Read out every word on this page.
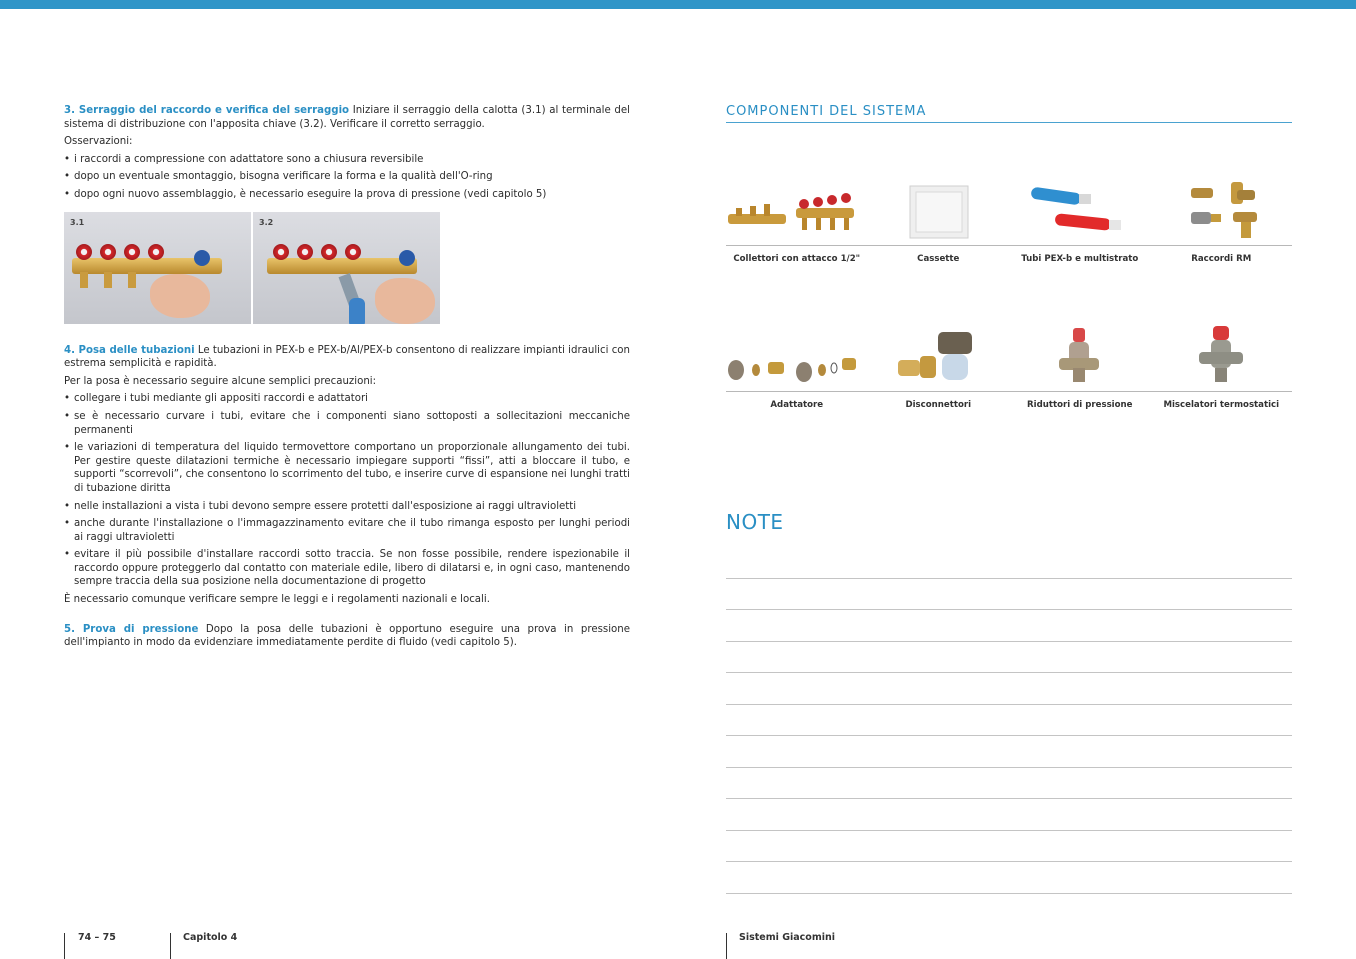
3. Serraggio del raccordo e verifica del serraggio Iniziare il serraggio della calotta (3.1) al terminale del sistema di distribuzione con l'apposita chiave (3.2). Verificare il corretto serraggio.

Osservazioni:

• i raccordi a compressione con adattatore sono a chiusura reversibile
• dopo un eventuale smontaggio, bisogna verificare la forma e la qualità dell'O-ring
• dopo ogni nuovo assemblaggio, è necessario eseguire la prova di pressione (vedi capitolo 5)
3.1	3.2

4. Posa delle tubazioni Le tubazioni in PEX-b e PEX-b/Al/PEX-b consentono di realizzare impianti idraulici con estrema semplicità e rapidità.

Per la posa è necessario seguire alcune semplici precauzioni:

• collegare i tubi mediante gli appositi raccordi e adattatori
• se è necessario curvare i tubi, evitare che i componenti siano sottoposti a sollecitazioni meccaniche permanenti
• le variazioni di temperatura del liquido termovettore comportano un proporzionale allungamento dei tubi. Per gestire queste dilatazioni termiche è necessario impiegare supporti “fissi”, atti a bloccare il tubo, e supporti “scorrevoli”, che consentono lo scorrimento del tubo, e inserire curve di espansione nei lunghi tratti di tubazione diritta
• nelle installazioni a vista i tubi devono sempre essere protetti dall'esposizione ai raggi ultravioletti
• anche durante l'installazione o l'immagazzinamento evitare che il tubo rimanga esposto per lunghi periodi ai raggi ultravioletti
• evitare il più possibile d'installare raccordi sotto traccia. Se non fosse possibile, rendere ispezionabile il raccordo oppure proteggerlo dal contatto con materiale edile, libero di dilatarsi e, in ogni caso, mantenendo sempre traccia della sua posizione nella documentazione di progetto

È necessario comunque verificare sempre le leggi e i regolamenti nazionali e locali.

5. Prova di pressione Dopo la posa delle tubazioni è opportuno eseguire una prova in pressione dell'impianto in modo da evidenziare immediatamente perdite di fluido (vedi capitolo 5).

COMPONENTI DEL SISTEMA
Collettori con attacco 1/2"	Cassette	Tubi PEX-b e multistrato	Raccordi RM
Adattatore	Disconnettori	Riduttori di pressione	Miscelatori termostatici
NOTE
74 – 75	Capitolo 4	Sistemi Giacomini
